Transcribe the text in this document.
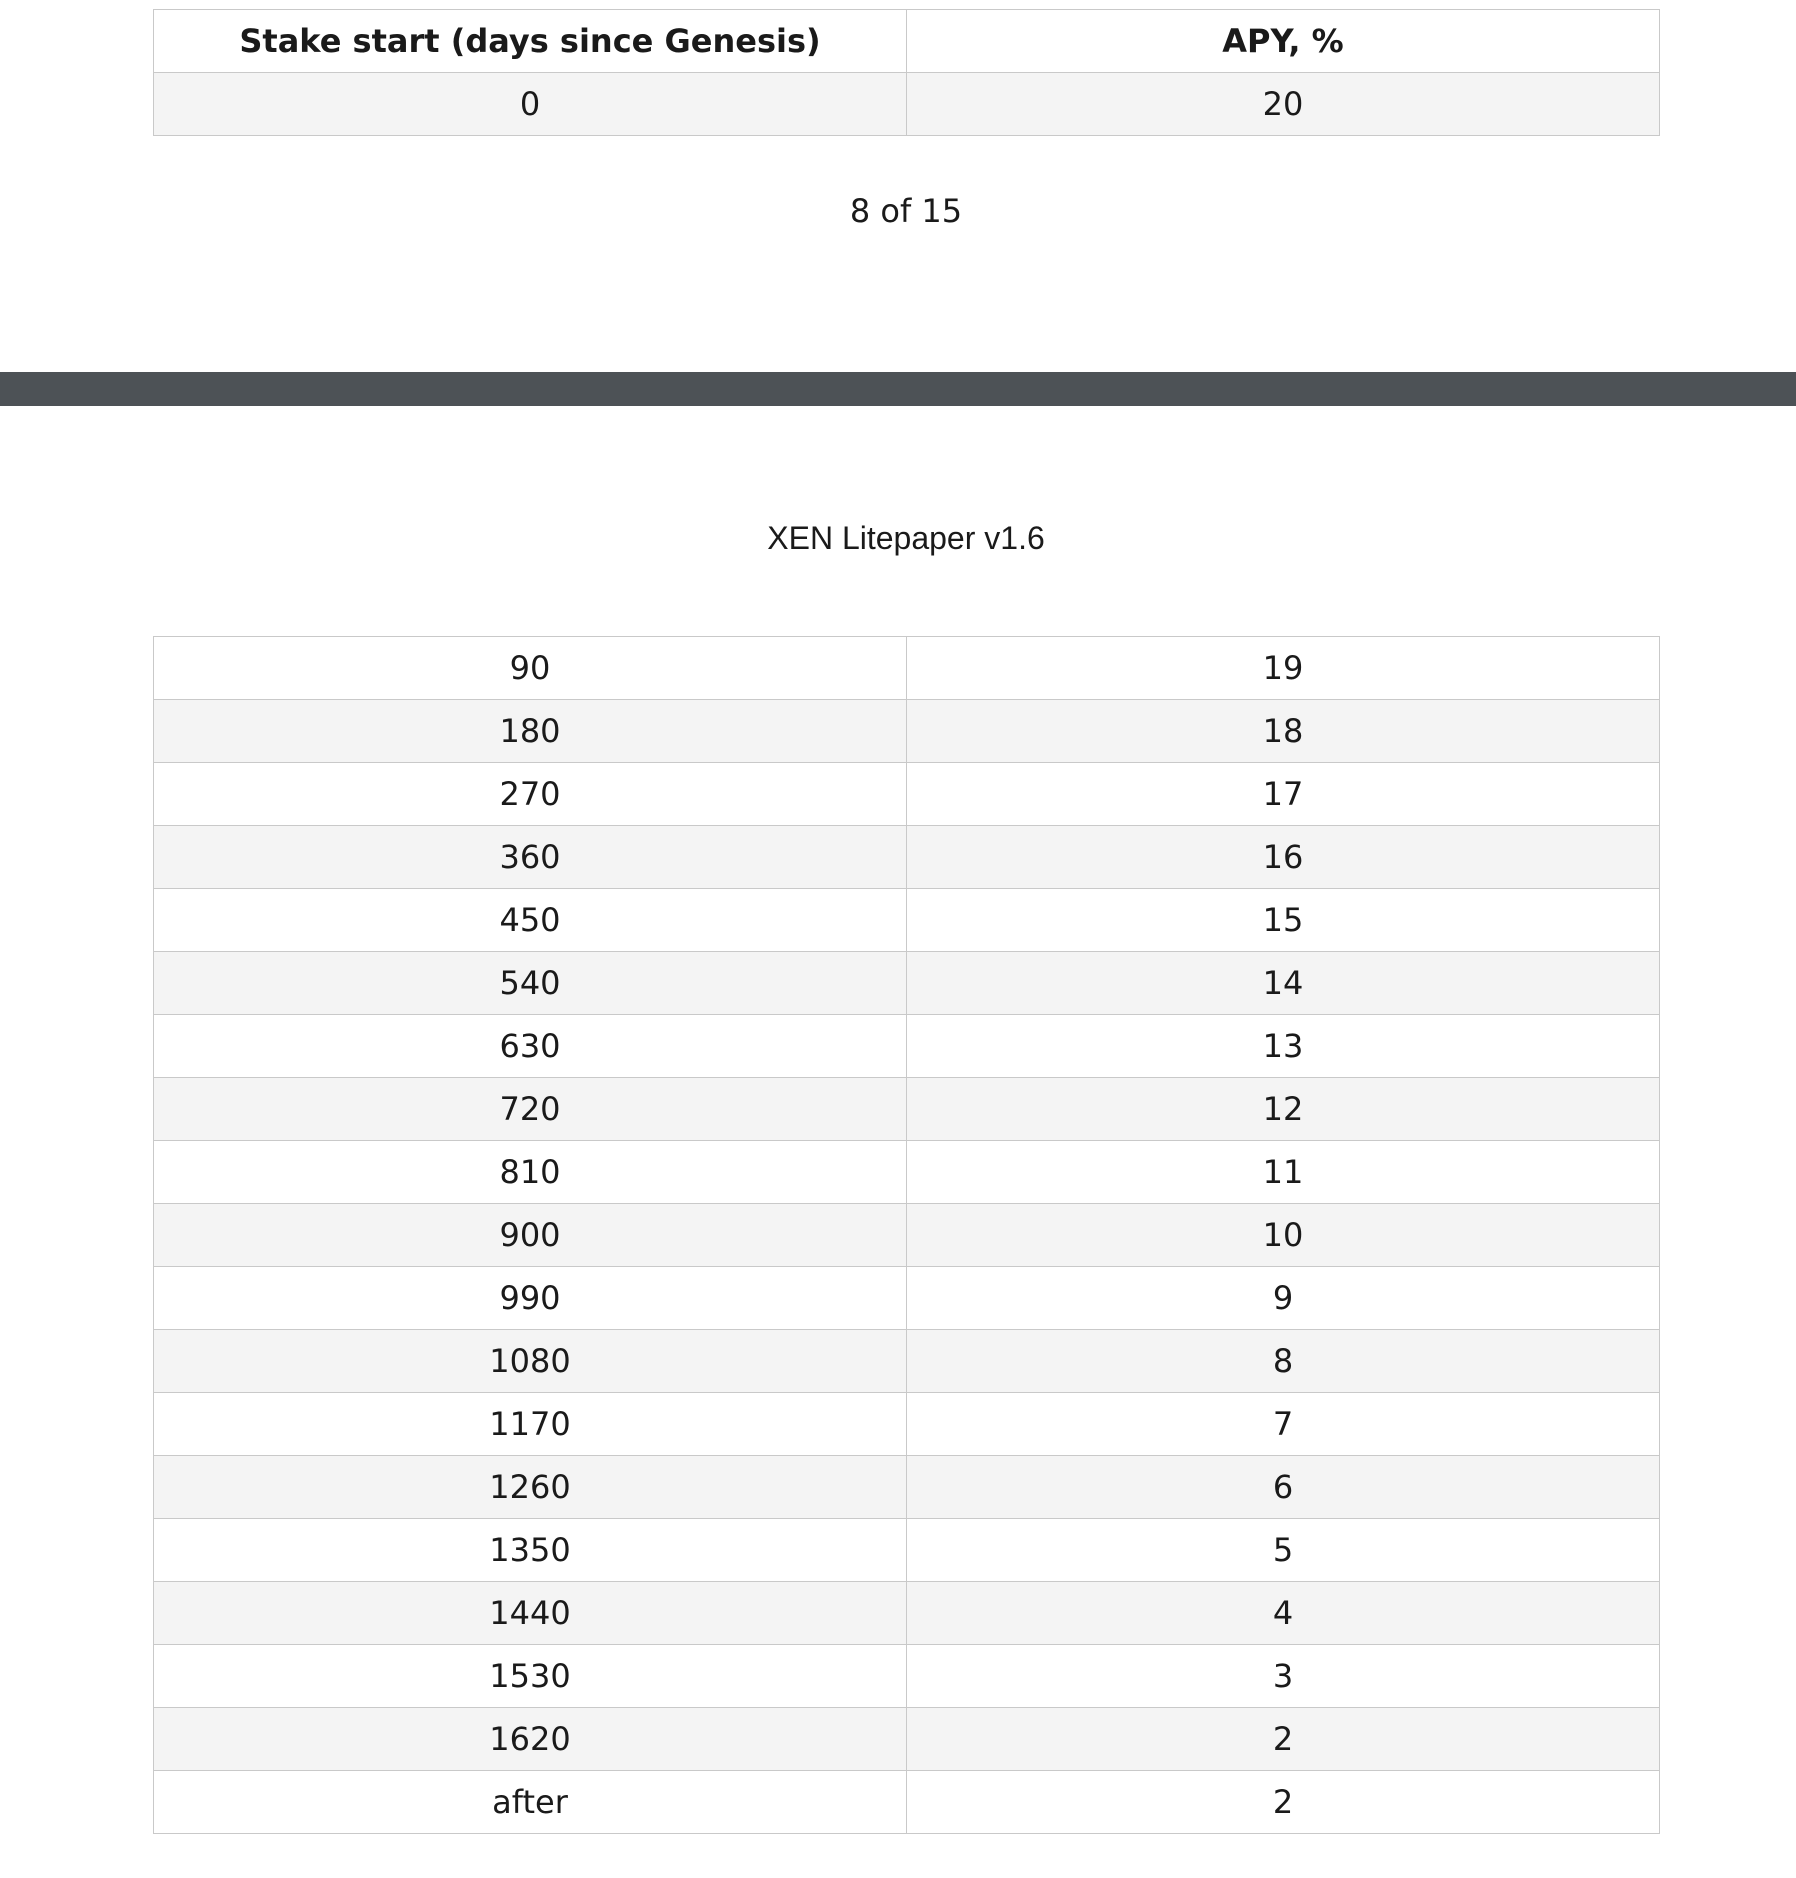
Stake start (days since Genesis)	APY, %
0	20
8 of 15
XEN Litepaper v1.6
90	19
180	18
270	17
360	16
450	15
540	14
630	13
720	12
810	11
900	10
990	9
1080	8
1170	7
1260	6
1350	5
1440	4
1530	3
1620	2
after	2
